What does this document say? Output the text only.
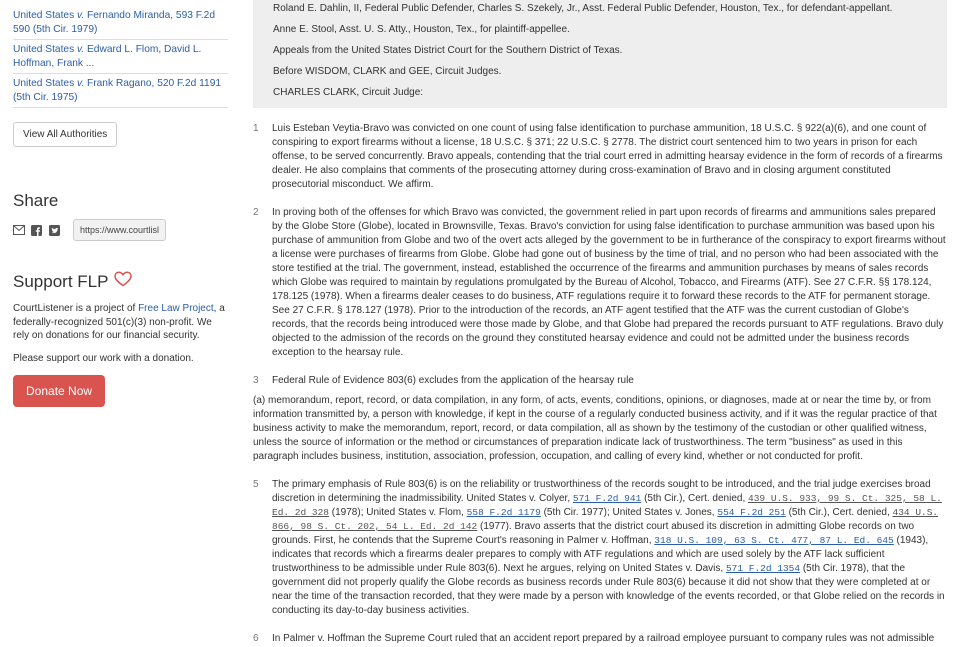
United States v. Fernando Miranda, 593 F.2d 590 (5th Cir. 1979)
United States v. Edward L. Flom, David L. Hoffman, Frank ...
United States v. Frank Ragano, 520 F.2d 1191 (5th Cir. 1975)
View All Authorities
Share
https://www.courtlisl
Support FLP

CourtListener is a project of Free Law Project, a federally-recognized 501(c)(3) non-profit. We rely on donations for our financial security.

Please support our work with a donation.

Donate Now

Roland E. Dahlin, II, Federal Public Defender, Charles S. Szekely, Jr., Asst. Federal Public Defender, Houston, Tex., for defendant-appellant.

Anne E. Stool, Asst. U. S. Atty., Houston, Tex., for plaintiff-appellee.

Appeals from the United States District Court for the Southern District of Texas.

Before WISDOM, CLARK and GEE, Circuit Judges.

CHARLES CLARK, Circuit Judge:

1	Luis Esteban Veytia-Bravo was convicted on one count of using false identification to purchase ammunition, 18 U.S.C. § 922(a)(6), and one count of conspiring to export firearms without a license, 18 U.S.C. § 371; 22 U.S.C. § 2778. The district court sentenced him to two years in prison for each offense, to be served concurrently. Bravo appeals, contending that the trial court erred in admitting hearsay evidence in the form of records of a firearms dealer. He also complains that comments of the prosecuting attorney during cross-examination of Bravo and in closing argument constituted prosecutorial misconduct. We affirm.
2	In proving both of the offenses for which Bravo was convicted, the government relied in part upon records of firearms and ammunitions sales prepared by the Globe Store (Globe), located in Brownsville, Texas. Bravo's conviction for using false identification to purchase ammunition was based upon his purchase of ammunition from Globe and two of the overt acts alleged by the government to be in furtherance of the conspiracy to export firearms without a license were purchases of firearms from Globe. Globe had gone out of business by the time of trial, and no person who had been associated with the store testified at the trial. The government, instead, established the occurrence of the firearms and ammunition purchases by means of sales records which Globe was required to maintain by regulations promulgated by the Bureau of Alcohol, Tobacco, and Firearms (ATF). See 27 C.F.R. §§ 178.124, 178.125 (1978). When a firearms dealer ceases to do business, ATF regulations require it to forward these records to the ATF for permanent storage. See 27 C.F.R. § 178.127 (1978). Prior to the introduction of the records, an ATF agent testified that the ATF was the current custodian of Globe's records, that the records being introduced were those made by Globe, and that Globe had prepared the records pursuant to ATF regulations. Bravo duly objected to the admission of the records on the ground they constituted hearsay evidence and could not be admitted under the business records exception to the hearsay rule.
3	Federal Rule of Evidence 803(6) excludes from the application of the hearsay rule
(a) memorandum, report, record, or data compilation, in any form, of acts, events, conditions, opinions, or diagnoses, made at or near the time by, or from information transmitted by, a person with knowledge, if kept in the course of a regularly conducted business activity, and if it was the regular practice of that business activity to make the memorandum, report, record, or data compilation, all as shown by the testimony of the custodian or other qualified witness, unless the source of information or the method or circumstances of preparation indicate lack of trustworthiness. The term "business" as used in this paragraph includes business, institution, association, profession, occupation, and calling of every kind, whether or not conducted for profit.
5	The primary emphasis of Rule 803(6) is on the reliability or trustworthiness of the records sought to be introduced, and the trial judge exercises broad discretion in determining the inadmissibility. United States v. Colyer, 571 F.2d 941 (5th Cir.), Cert. denied, 439 U.S. 933, 99 S. Ct. 325, 58 L. Ed. 2d 328 (1978); United States v. Flom, 558 F.2d 1179 (5th Cir. 1977); United States v. Jones, 554 F.2d 251 (5th Cir.), Cert. denied, 434 U.S. 866, 98 S. Ct. 202, 54 L. Ed. 2d 142 (1977). Bravo asserts that the district court abused its discretion in admitting Globe records on two grounds. First, he contends that the Supreme Court's reasoning in Palmer v. Hoffman, 318 U.S. 109, 63 S. Ct. 477, 87 L. Ed. 645 (1943), indicates that records which a firearms dealer prepares to comply with ATF regulations and which are used solely by the ATF lack sufficient trustworthiness to be admissible under Rule 803(6). Next he argues, relying on United States v. Davis, 571 F.2d 1354 (5th Cir. 1978), that the government did not properly qualify the Globe records as business records under Rule 803(6) because it did not show that they were completed at or near the time of the transaction recorded, that they were made by a person with knowledge of the events recorded, or that Globe relied on the records in conducting its day-to-day business activities.
6	In Palmer v. Hoffman the Supreme Court ruled that an accident report prepared by a railroad employee pursuant to company rules was not admissible
